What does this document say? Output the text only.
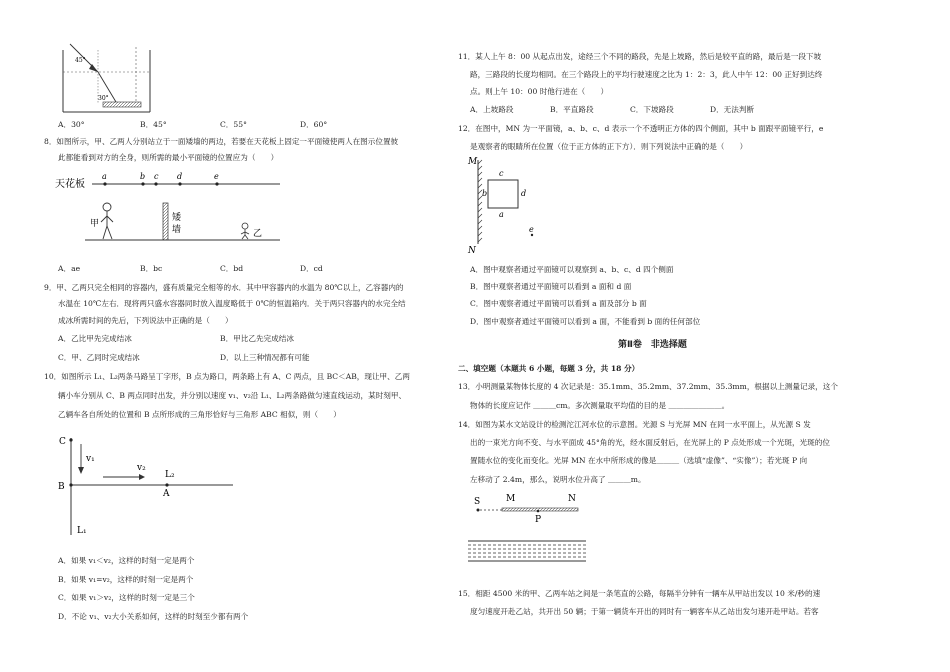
45°
30°
A．30°	B．45°	C．55°	D．60°
8．如图所示，甲、乙两人分别站立于一面矮墙的两边，若要在天花板上固定一平面镜使两人在图示位置彼
此都能看到对方的全身，则所需的最小平面镜的位置应为（　　）
天花板
a	b c d	e
矮
墙
甲
乙
A．ae	B．bc	C．bd	D．cd
9．甲、乙两只完全相同的容器内，盛有质量完全相等的水．其中甲容器内的水温为 80℃以上，乙容器内的
水温在 10℃左右．现将两只盛水容器同时放入温度略低于 0℃的恒温箱内．关于两只容器内的水完全结
成冰所需时间的先后，下列说法中正确的是（　　）
A．乙比甲先完成结冰	B．甲比乙先完成结冰
C．甲、乙同时完成结冰	D．以上三种情况都有可能
10．如图所示 L₁、L₂两条马路呈丁字形，B 点为路口，两条路上有 A、C 两点，且 BC＜AB，现让甲、乙两
辆小车分别从 C、B 两点同时出发，并分别以速度 v₁、v₂沿 L₁、L₂两条路做匀速直线运动，某时刻甲、
乙辆车各自所处的位置和 B 点所形成的三角形恰好与三角形 ABC 相似，则（　　）
C
B
A
v₁
v₂
L₂
L₁
A．如果 v₁＜v₂，这样的时刻一定是两个
B．如果 v₁=v₂，这样的时刻一定是两个
C．如果 v₁＞v₂，这样的时刻一定是三个
D．不论 v₁、v₂大小关系如何，这样的时刻至少都有两个
11．某人上午 8：00 从起点出发，途经三个不同的路段，先是上坡路，然后是较平直的路，最后是一段下坡
路，三路段的长度均相同。在三个路段上的平均行驶速度之比为 1：2：3，此人中午 12：00 正好到达终
点。则上午 10：00 时他行进在（　　）
A．上坡路段	B．平直路段	C．下坡路段	D．无法判断
12．在图中，MN 为一平面镜，a、b、c、d 表示一个不透明正方体的四个侧面，其中 b 面跟平面镜平行，e
是观察者的眼睛所在位置（位于正方体的正下方）．则下列说法中正确的是（　　）
M
N
c
b	d
a
e
A．图中观察者通过平面镜可以观察到 a、b、c、d 四个侧面
B．图中观察者通过平面镜可以看到 a 面和 d 面
C．图中观察者通过平面镜可以看到 a 面及部分 b 面
D．图中观察者通过平面镜可以看到 a 面，不能看到 b 面的任何部位
第Ⅱ卷　非选择题
二、填空题（本题共 6 小题，每题 3 分，共 18 分）
13．小明测量某物体长度的 4 次记录是：35.1mm、35.2mm、37.2mm、35.3mm，根据以上测量记录，这个
物体的长度应记作 ＿＿＿cm。多次测量取平均值的目的是 ＿＿＿＿＿＿＿。
14．如图为某水文站设计的检测沱江河水位的示意图。光源 S 与光屏 MN 在同一水平面上，从光源 S 发
出的一束光方向不变、与水平面成 45°角的光，经水面反射后，在光屏上的 P 点处形成一个光斑，光斑的位
置随水位的变化而变化。光屏 MN 在水中所形成的像是＿＿＿（选填“虚像”、“实像”）；若光斑 P 向
左移动了 2.4m，那么，说明水位升高了 ＿＿＿m。
S	M	N
P
15．相距 4500 米的甲、乙两车站之间是一条笔直的公路，每隔半分钟有一辆车从甲站出发以 10 米/秒的速
度匀速度开赴乙站，共开出 50 辆；于第一辆货车开出的同时有一辆客车从乙站出发匀速开赴甲站。若客
